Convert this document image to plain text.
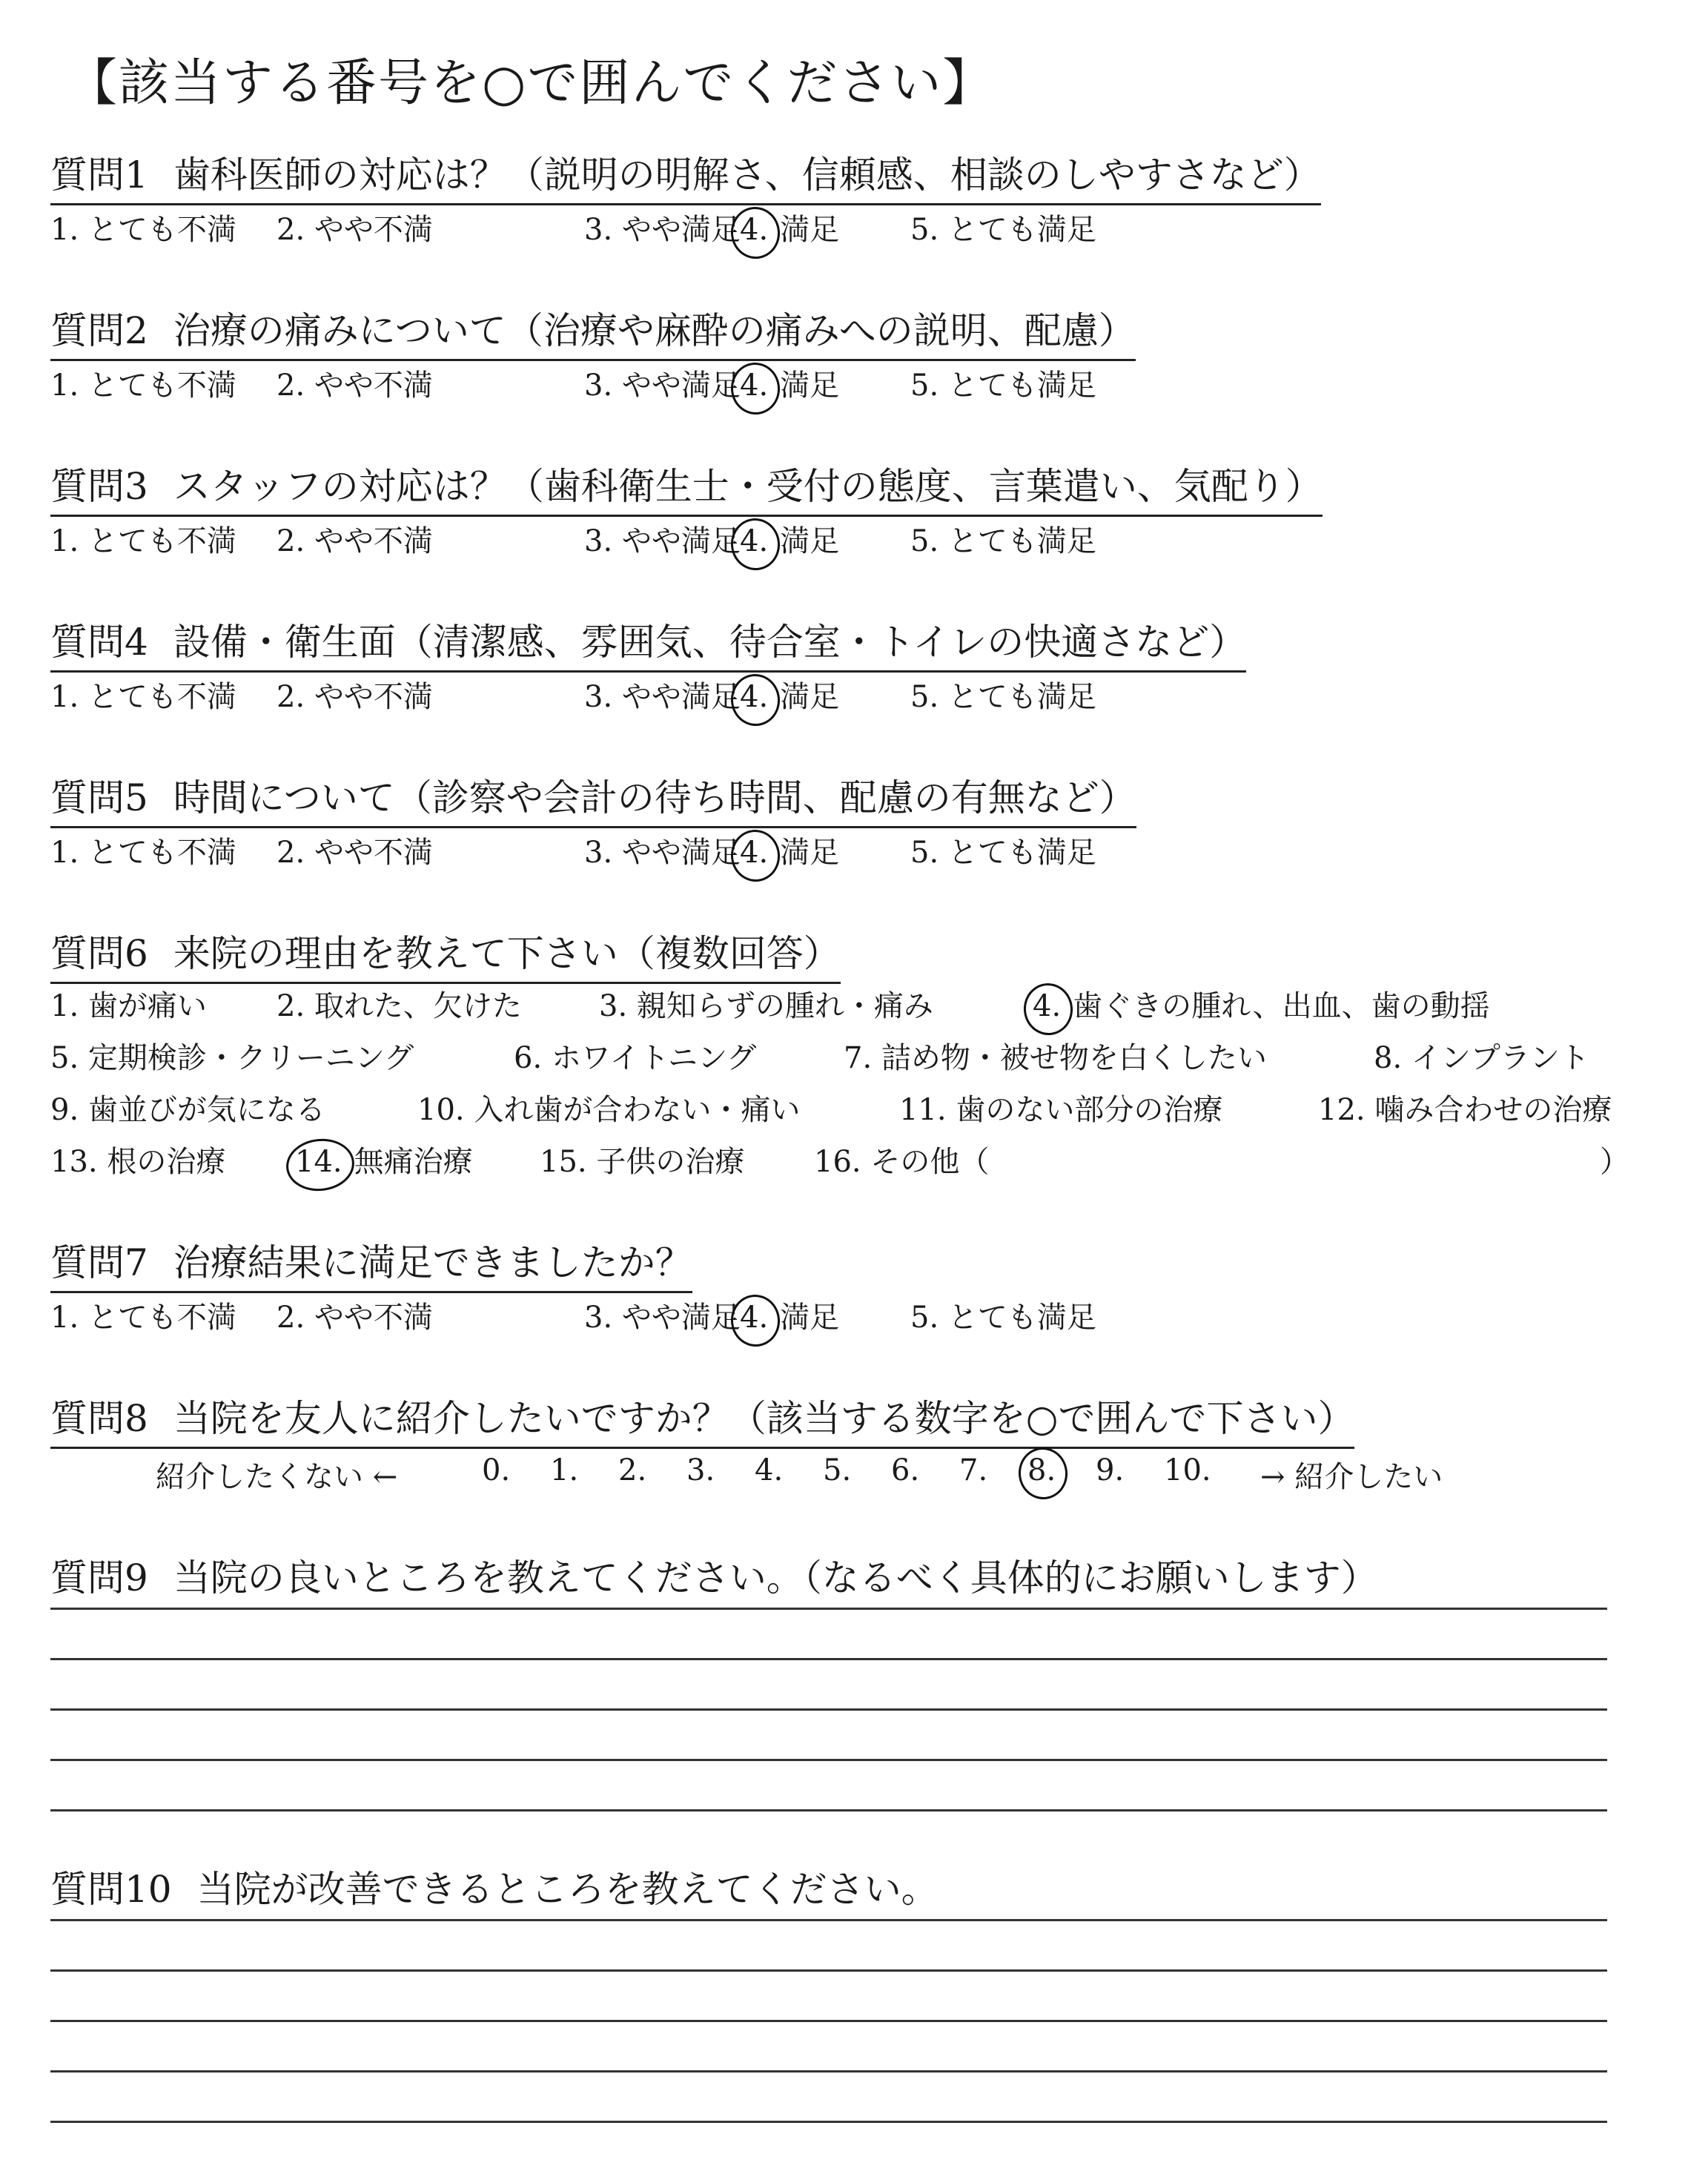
【該当する番号を○で囲んでください】
質問1 歯科医師の対応は？（説明の明解さ、信頼感、相談のしやすさなど）
1. とても不満 2. やや不満	3. やや満足 4. 満足 5. とても満足
質問2 治療の痛みについて（治療や麻酔の痛みへの説明、配慮）
1. とても不満 2. やや不満	3. やや満足 4. 満足 5. とても満足
質問3 スタッフの対応は？（歯科衛生士・受付の態度、言葉遣い、気配り）
1. とても不満 2. やや不満	3. やや満足 4. 満足 5. とても満足
質問4 設備・衛生面（清潔感、雰囲気、待合室・トイレの快適さなど）
1. とても不満 2. やや不満	3. やや満足 4. 満足 5. とても満足
質問5 時間について（診察や会計の待ち時間、配慮の有無など）
1. とても不満 2. やや不満	3. やや満足 4. 満足 5. とても満足
質問6 来院の理由を教えて下さい（複数回答）
1. 歯が痛い 2. 取れた、欠けた	3. 親知らずの腫れ・痛み	4. 歯ぐきの腫れ、出血、歯の動揺
5. 定期検診・クリーニング	6. ホワイトニング	7. 詰め物・被せ物を白くしたい	8. インプラント
9. 歯並びが気になる	10. 入れ歯が合わない・痛い	11. 歯のない部分の治療	12. 噛み合わせの治療
13. 根の治療 14. 無痛治療 15. 子供の治療 16. その他（	）
質問7 治療結果に満足できましたか？
1. とても不満 2. やや不満	3. やや満足 4. 満足 5. とても満足
質問8 当院を友人に紹介したいですか？（該当する数字を○で囲んで下さい）
紹介したくない ←	0. 1. 2. 3. 4. 5. 6. 7. 8. 9. 10. → 紹介したい
質問9 当院の良いところを教えてください。（なるべく具体的にお願いします）
質問10 当院が改善できるところを教えてください。
